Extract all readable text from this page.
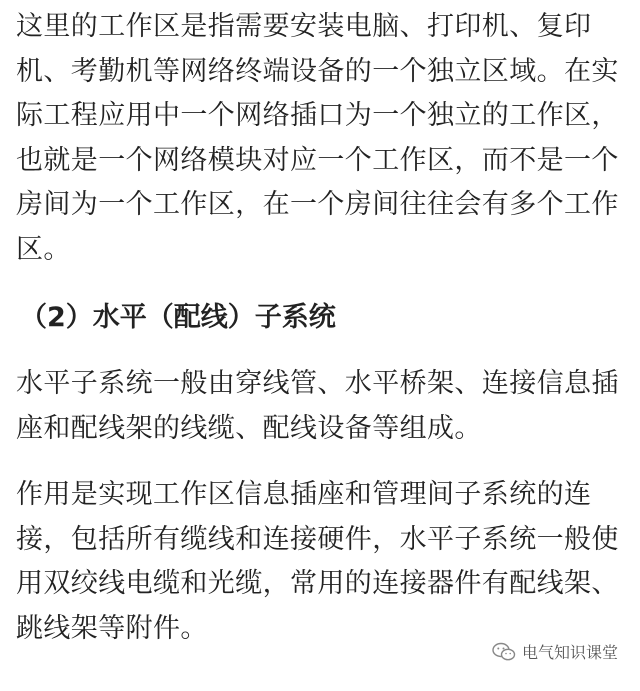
这里的工作区是指需要安装电脑、打印机、复印机、考勤机等网络终端设备的一个独立区域。在实际工程应用中一个网络插口为一个独立的工作区，也就是一个网络模块对应一个工作区，而不是一个房间为一个工作区，在一个房间往往会有多个工作区。

（2）水平（配线）子系统

水平子系统一般由穿线管、水平桥架、连接信息插座和配线架的线缆、配线设备等组成。

作用是实现工作区信息插座和管理间子系统的连接，包括所有缆线和连接硬件，水平子系统一般使用双绞线电缆和光缆，常用的连接器件有配线架、跳线架等附件。

电气知识课堂
